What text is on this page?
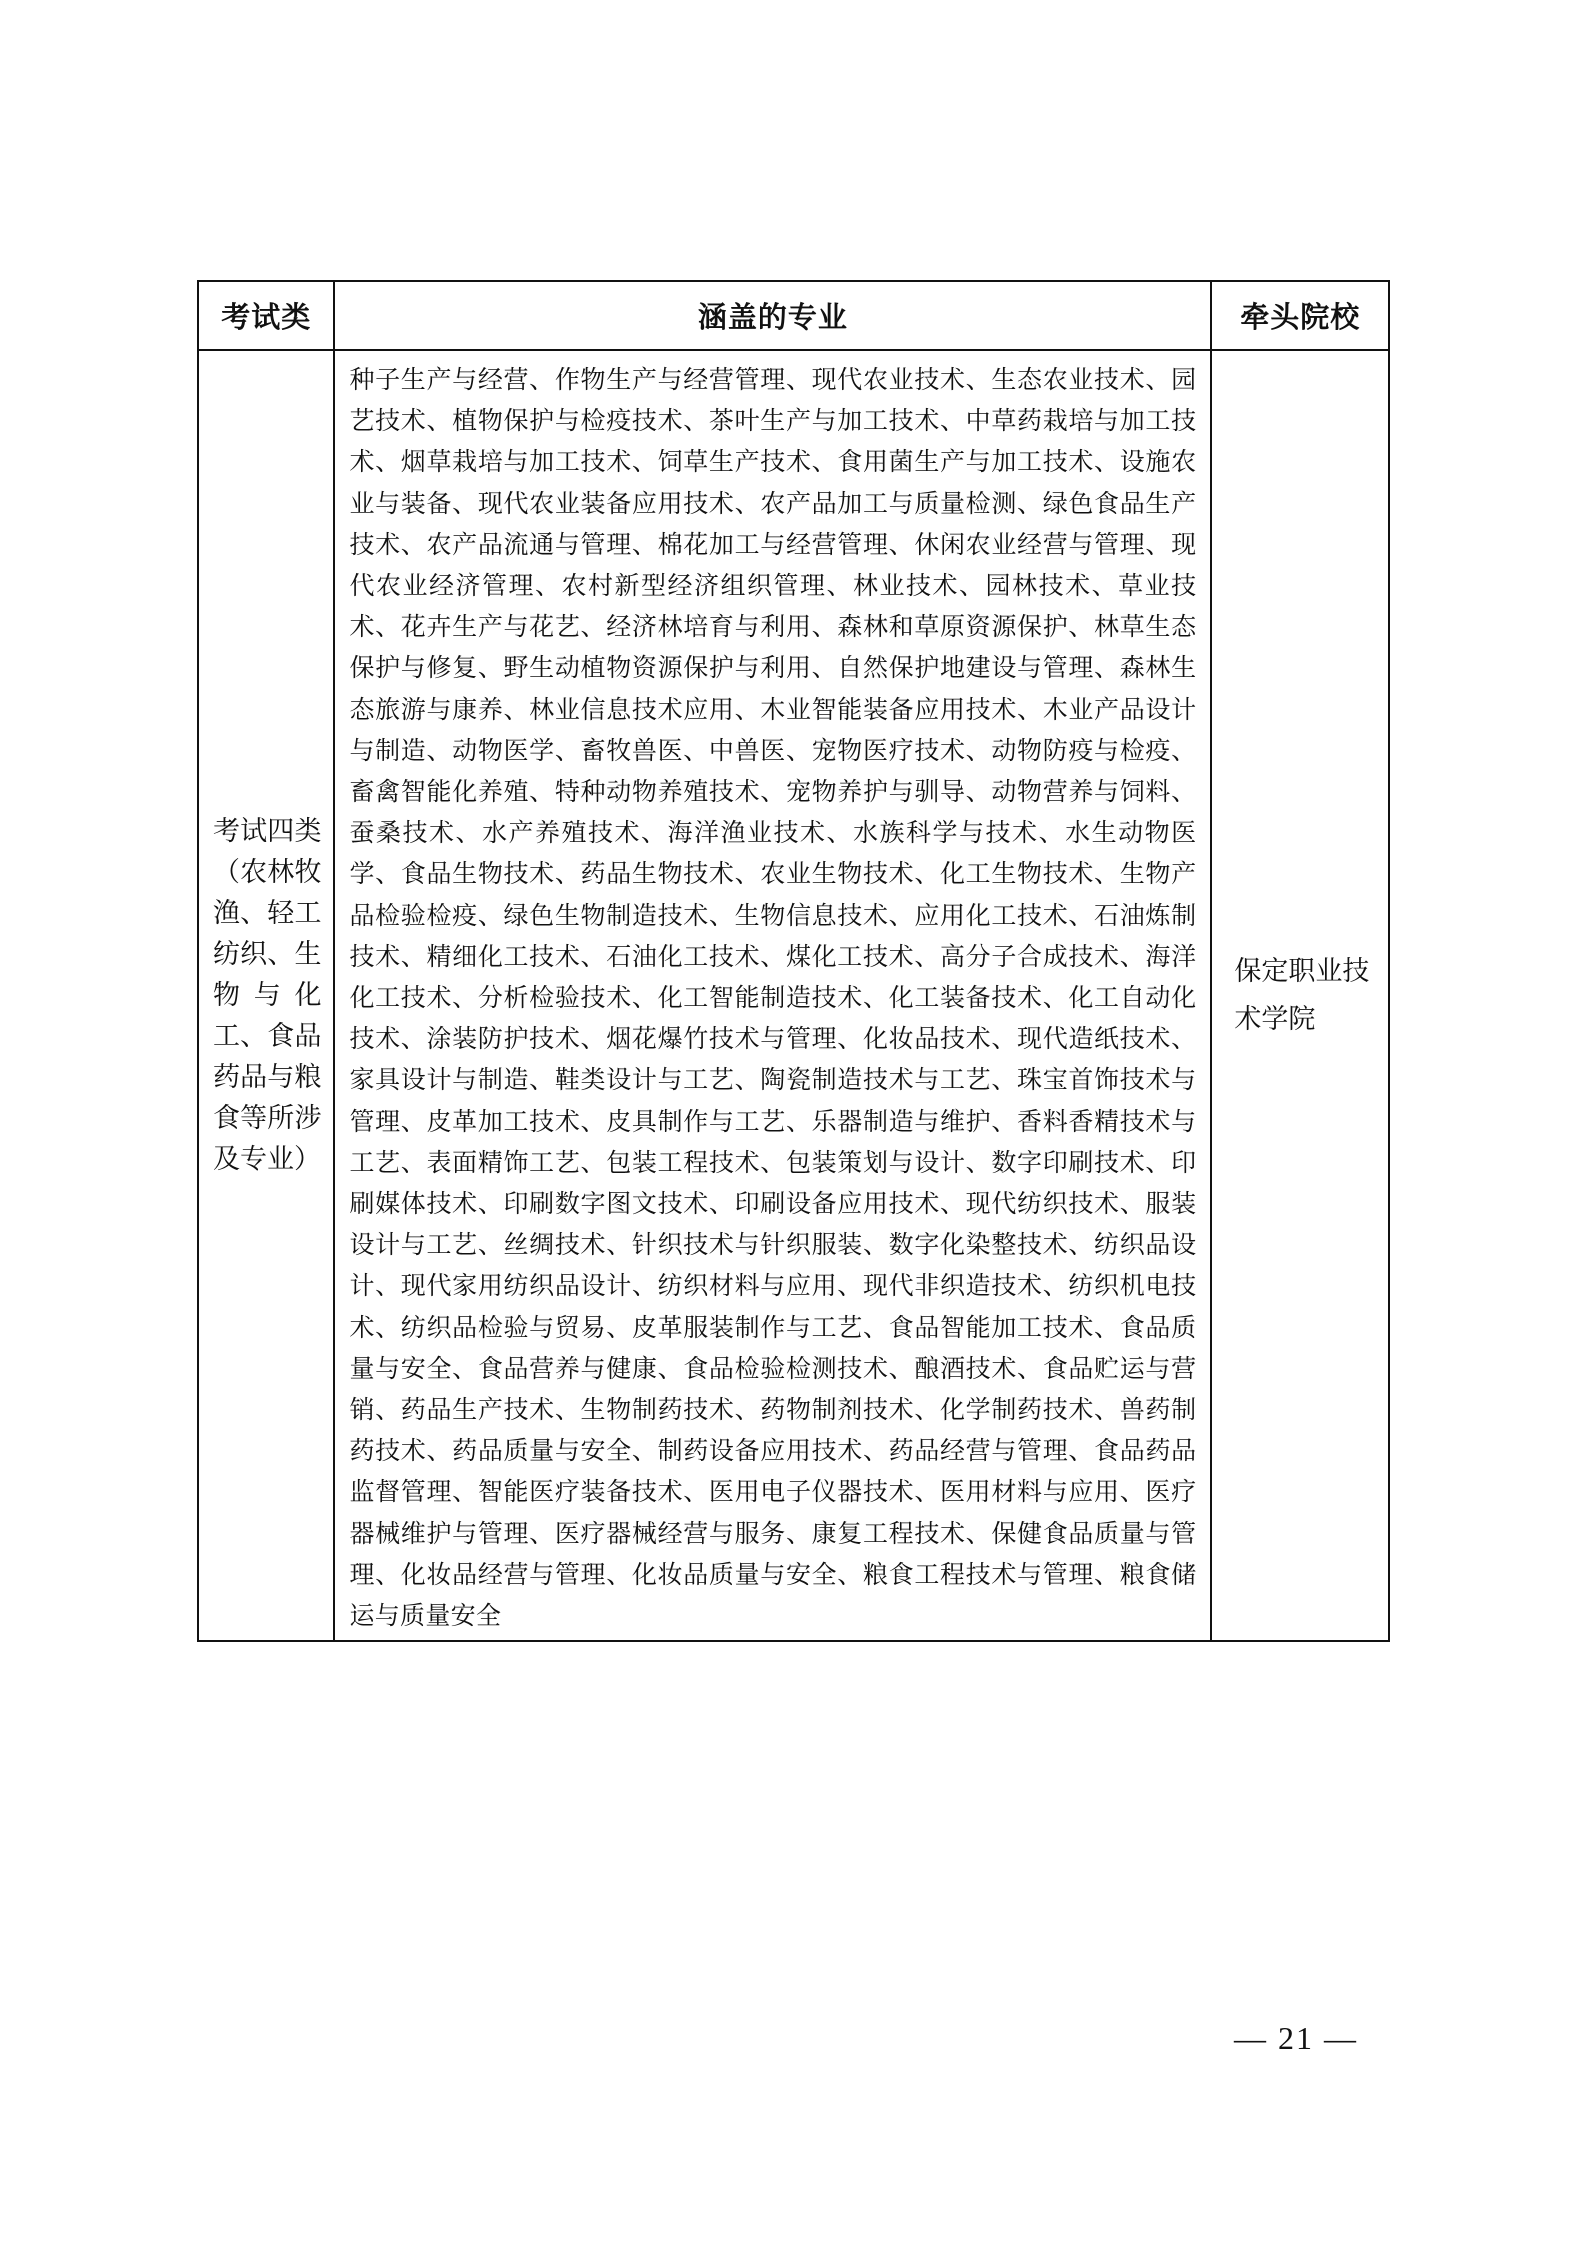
考试类	涵盖的专业	牵头院校
考试四类（农林牧渔、轻工纺织、生物与化工、食品药品与粮食等所涉及专业）	种子生产与经营、作物生产与经营管理、现代农业技术、生态农业技术、园艺技术、植物保护与检疫技术、茶叶生产与加工技术、中草药栽培与加工技术、烟草栽培与加工技术、饲草生产技术、食用菌生产与加工技术、设施农业与装备、现代农业装备应用技术、农产品加工与质量检测、绿色食品生产技术、农产品流通与管理、棉花加工与经营管理、休闲农业经营与管理、现代农业经济管理、农村新型经济组织管理、林业技术、园林技术、草业技术、花卉生产与花艺、经济林培育与利用、森林和草原资源保护、林草生态保护与修复、野生动植物资源保护与利用、自然保护地建设与管理、森林生态旅游与康养、林业信息技术应用、木业智能装备应用技术、木业产品设计与制造、动物医学、畜牧兽医、中兽医、宠物医疗技术、动物防疫与检疫、畜禽智能化养殖、特种动物养殖技术、宠物养护与驯导、动物营养与饲料、蚕桑技术、水产养殖技术、海洋渔业技术、水族科学与技术、水生动物医学、食品生物技术、药品生物技术、农业生物技术、化工生物技术、生物产品检验检疫、绿色生物制造技术、生物信息技术、应用化工技术、石油炼制技术、精细化工技术、石油化工技术、煤化工技术、高分子合成技术、海洋化工技术、分析检验技术、化工智能制造技术、化工装备技术、化工自动化技术、涂装防护技术、烟花爆竹技术与管理、化妆品技术、现代造纸技术、家具设计与制造、鞋类设计与工艺、陶瓷制造技术与工艺、珠宝首饰技术与管理、皮革加工技术、皮具制作与工艺、乐器制造与维护、香料香精技术与工艺、表面精饰工艺、包装工程技术、包装策划与设计、数字印刷技术、印刷媒体技术、印刷数字图文技术、印刷设备应用技术、现代纺织技术、服装设计与工艺、丝绸技术、针织技术与针织服装、数字化染整技术、纺织品设计、现代家用纺织品设计、纺织材料与应用、现代非织造技术、纺织机电技术、纺织品检验与贸易、皮革服装制作与工艺、食品智能加工技术、食品质量与安全、食品营养与健康、食品检验检测技术、酿酒技术、食品贮运与营销、药品生产技术、生物制药技术、药物制剂技术、化学制药技术、兽药制药技术、药品质量与安全、制药设备应用技术、药品经营与管理、食品药品监督管理、智能医疗装备技术、医用电子仪器技术、医用材料与应用、医疗器械维护与管理、医疗器械经营与服务、康复工程技术、保健食品质量与管理、化妆品经营与管理、化妆品质量与安全、粮食工程技术与管理、粮食储运与质量安全	保定职业技术学院
— 21 —
